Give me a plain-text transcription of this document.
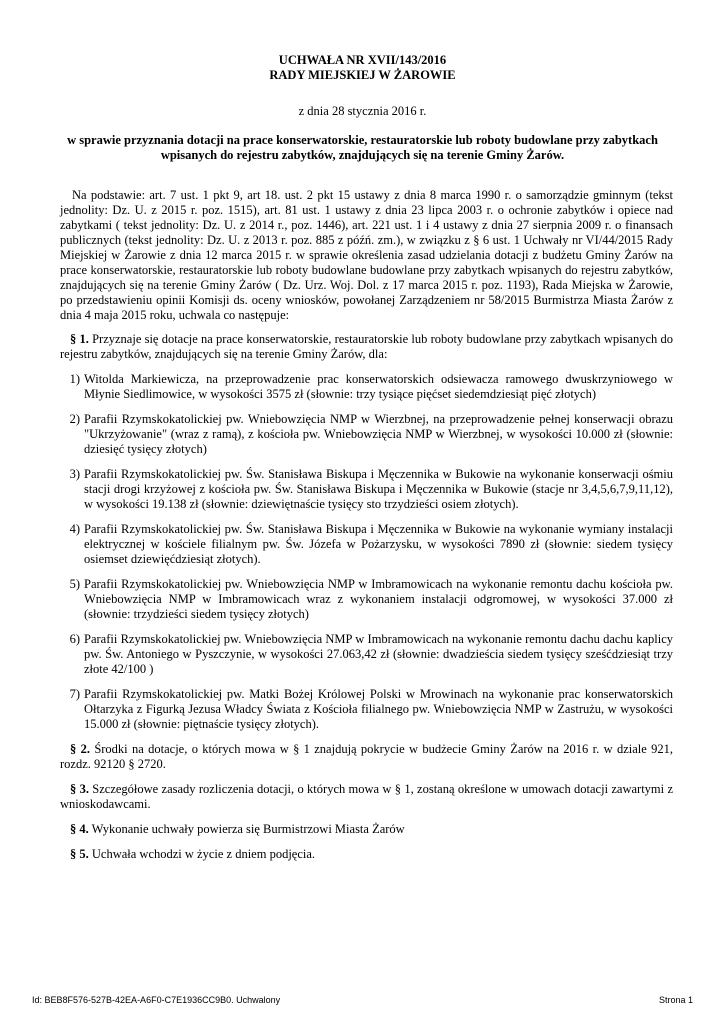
UCHWAŁA NR XVII/143/2016
RADY MIEJSKIEJ W ŻAROWIE
z dnia 28 stycznia 2016 r.
w sprawie przyznania dotacji na prace konserwatorskie, restauratorskie lub roboty budowlane przy zabytkach wpisanych do rejestru zabytków, znajdujących się na terenie Gminy Żarów.

Na podstawie: art. 7 ust. 1 pkt 9, art 18. ust. 2 pkt 15 ustawy z dnia 8 marca 1990 r. o samorządzie gminnym (tekst jednolity: Dz. U. z 2015 r. poz. 1515), art. 81 ust. 1 ustawy z dnia 23 lipca 2003 r. o ochronie zabytków i opiece nad zabytkami ( tekst jednolity: Dz. U. z 2014 r., poz. 1446), art. 221 ust. 1 i 4 ustawy z dnia 27 sierpnia 2009 r. o finansach publicznych (tekst jednolity: Dz. U. z 2013 r. poz. 885 z późń. zm.), w związku z § 6 ust. 1 Uchwały nr VI/44/2015 Rady Miejskiej w Żarowie z dnia 12 marca 2015 r. w sprawie określenia zasad udzielania dotacji z budżetu Gminy Żarów na prace konserwatorskie, restauratorskie lub roboty budowlane budowlane przy zabytkach wpisanych do rejestru zabytków, znajdujących się na terenie Gminy Żarów ( Dz. Urz. Woj. Dol. z 17 marca 2015 r. poz. 1193), Rada Miejska w Żarowie, po przedstawieniu opinii Komisji ds. oceny wniosków, powołanej Zarządzeniem nr 58/2015 Burmistrza Miasta Żarów z dnia 4 maja 2015 roku, uchwala co następuje:

§ 1. Przyznaje się dotacje na prace konserwatorskie, restauratorskie lub roboty budowlane przy zabytkach wpisanych do rejestru zabytków, znajdujących się na terenie Gminy Żarów, dla:

1) Witolda Markiewicza, na przeprowadzenie prac konserwatorskich odsiewacza ramowego dwuskrzyniowego w Młynie Siedlimowice, w wysokości 3575 zł (słownie: trzy tysiące pięćset siedemdziesiąt pięć złotych)
2) Parafii Rzymskokatolickiej pw. Wniebowzięcia NMP w Wierzbnej, na przeprowadzenie pełnej konserwacji obrazu "Ukrzyżowanie" (wraz z ramą), z kościoła pw. Wniebowzięcia NMP w Wierzbnej, w wysokości 10.000 zł (słownie: dziesięć tysięcy złotych)
3) Parafii Rzymskokatolickiej pw. Św. Stanisława Biskupa i Męczennika w Bukowie na wykonanie konserwacji ośmiu stacji drogi krzyżowej z kościoła pw. Św. Stanisława Biskupa i Męczennika w Bukowie (stacje nr 3,4,5,6,7,9,11,12), w wysokości 19.138 zł (słownie: dziewiętnaście tysięcy sto trzydzieści osiem złotych).
4) Parafii Rzymskokatolickiej pw. Św. Stanisława Biskupa i Męczennika w Bukowie na wykonanie wymiany instalacji elektrycznej w kościele filialnym pw. Św. Józefa w Pożarzysku, w wysokości 7890 zł (słownie: siedem tysięcy osiemset dziewięćdziesiąt złotych).
5) Parafii Rzymskokatolickiej pw. Wniebowzięcia NMP w Imbramowicach na wykonanie remontu dachu kościoła pw. Wniebowzięcia NMP w Imbramowicach wraz z wykonaniem instalacji odgromowej, w wysokości 37.000 zł (słownie: trzydzieści siedem tysięcy złotych)
6) Parafii Rzymskokatolickiej pw. Wniebowzięcia NMP w Imbramowicach na wykonanie remontu dachu dachu kaplicy pw. Św. Antoniego w Pyszczynie, w wysokości 27.063,42 zł (słownie: dwadzieścia siedem tysięcy sześćdziesiąt trzy złote 42/100 )
7) Parafii Rzymskokatolickiej pw. Matki Bożej Królowej Polski w Mrowinach na wykonanie prac konserwatorskich Ołtarzyka z Figurką Jezusa Władcy Świata z Kościoła filialnego pw. Wniebowzięcia NMP w Zastrużu, w wysokości 15.000 zł (słownie: piętnaście tysięcy złotych).

§ 2. Środki na dotacje, o których mowa w § 1 znajdują pokrycie w budżecie Gminy Żarów na 2016 r. w dziale 921, rozdz. 92120 § 2720.

§ 3. Szczegółowe zasady rozliczenia dotacji, o których mowa w § 1, zostaną określone w umowach dotacji zawartymi z wnioskodawcami.

§ 4. Wykonanie uchwały powierza się Burmistrzowi Miasta Żarów

§ 5. Uchwała wchodzi w życie z dniem podjęcia.

Id: BEB8F576-527B-42EA-A6F0-C7E1936CC9B0. Uchwalony	Strona 1
